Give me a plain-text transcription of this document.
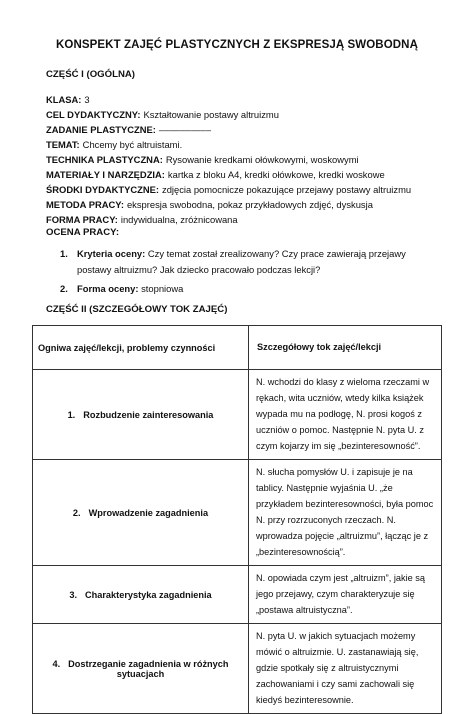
KONSPEKT ZAJĘĆ PLASTYCZNYCH Z EKSPRESJĄ SWOBODNĄ
CZĘŚĆ I (OGÓLNA)
KLASA: 3
CEL DYDAKTYCZNY: Kształtowanie postawy altruizmu
ZADANIE PLASTYCZNE: ––––––––––
TEMAT: Chcemy być altruistami.
TECHNIKA PLASTYCZNA: Rysowanie kredkami ołówkowymi, woskowymi
MATERIAŁY I NARZĘDZIA: kartka z bloku A4, kredki ołówkowe, kredki woskowe
ŚRODKI DYDAKTYCZNE: zdjęcia pomocnicze pokazujące przejawy postawy altruizmu
METODA PRACY: ekspresja swobodna, pokaz przykładowych zdjęć, dyskusja
FORMA PRACY: indywidualna, zróżnicowana
OCENA PRACY:
1. Kryteria oceny: Czy temat został zrealizowany? Czy prace zawierają przejawy postawy altruizmu? Jak dziecko pracowało podczas lekcji?
2. Forma oceny: stopniowa
CZĘŚĆ II (SZCZEGÓŁOWY TOK ZAJĘĆ)
Ogniwa zajęć/lekcji, problemy czynności	Szczegółowy tok zajęć/lekcji
1. Rozbudzenie zainteresowania	N. wchodzi do klasy z wieloma rzeczami w rękach, wita uczniów, wtedy kilka książek wypada mu na podłogę, N. prosi kogoś z uczniów o pomoc. Następnie N. pyta U. z czym kojarzy im się „bezinteresowność”.
2. Wprowadzenie zagadnienia	N. słucha pomysłów U. i zapisuje je na tablicy. Następnie wyjaśnia U. „że przykładem bezinteresowności, była pomoc N. przy rozrzuconych rzeczach. N. wprowadza pojęcie „altruizmu”, łącząc je z „bezinteresownością”.
3. Charakterystyka zagadnienia	N. opowiada czym jest „altruizm”, jakie są jego przejawy, czym charakteryzuje się „postawa altruistyczna”.
4. Dostrzeganie zagadnienia w różnych sytuacjach	N. pyta U. w jakich sytuacjach możemy mówić o altruizmie. U. zastanawiają się, gdzie spotkały się z altruistycznymi zachowaniami i czy sami zachowali się kiedyś bezinteresownie.
